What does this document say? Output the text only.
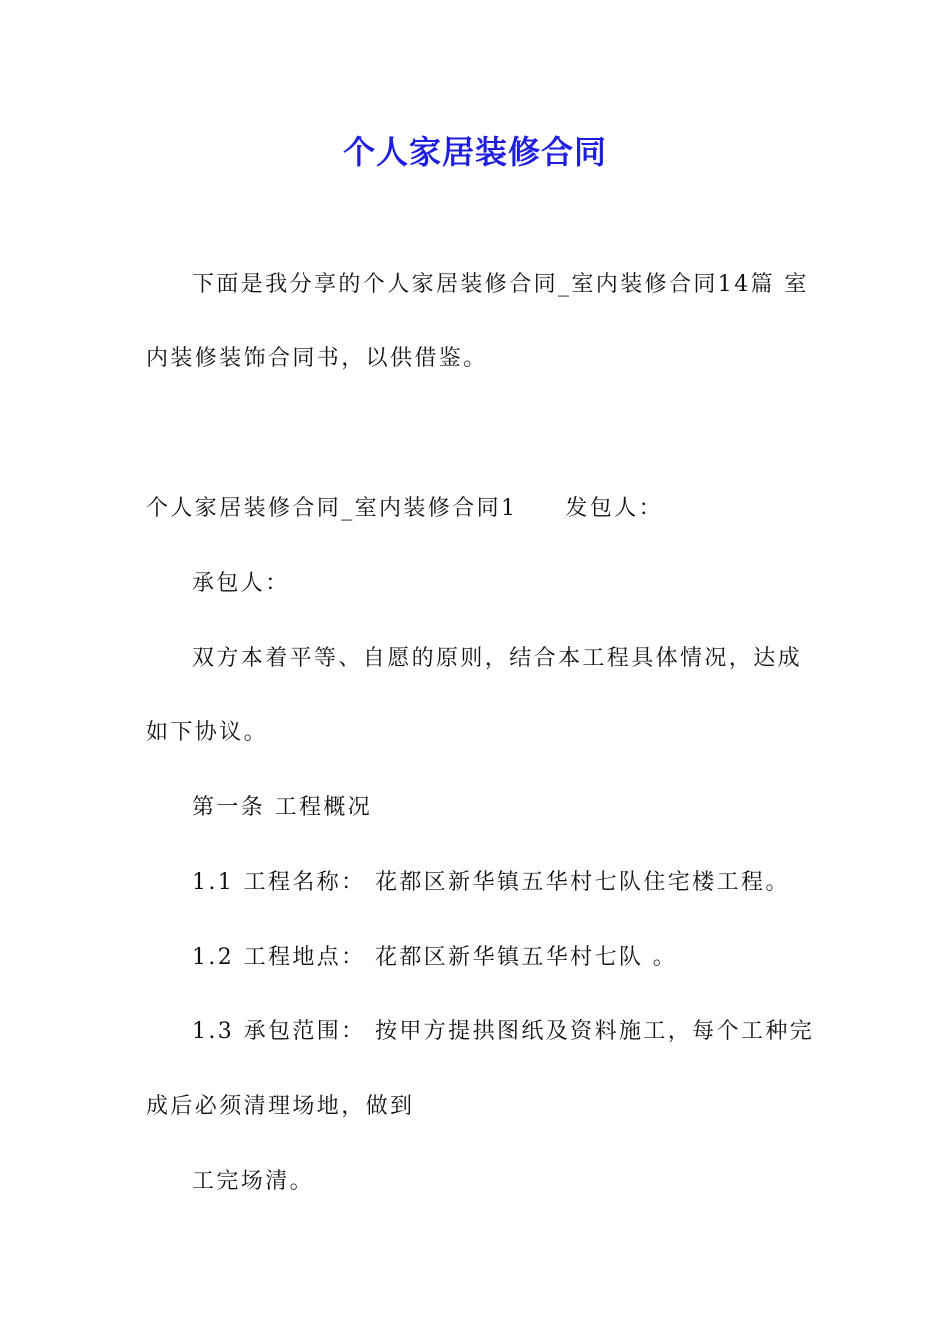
个人家居装修合同
下面是我分享的个人家居装修合同_室内装修合同14篇 室
内装修装饰合同书，以供借鉴。
个人家居装修合同_室内装修合同1 发包人：
承包人：
双方本着平等、自愿的原则，结合本工程具体情况，达成
如下协议。
第一条 工程概况
1.1 工程名称： 花都区新华镇五华村七队住宅楼工程。
1.2 工程地点： 花都区新华镇五华村七队 。
1.3 承包范围： 按甲方提拱图纸及资料施工，每个工种完
成后必须清理场地，做到
工完场清。
